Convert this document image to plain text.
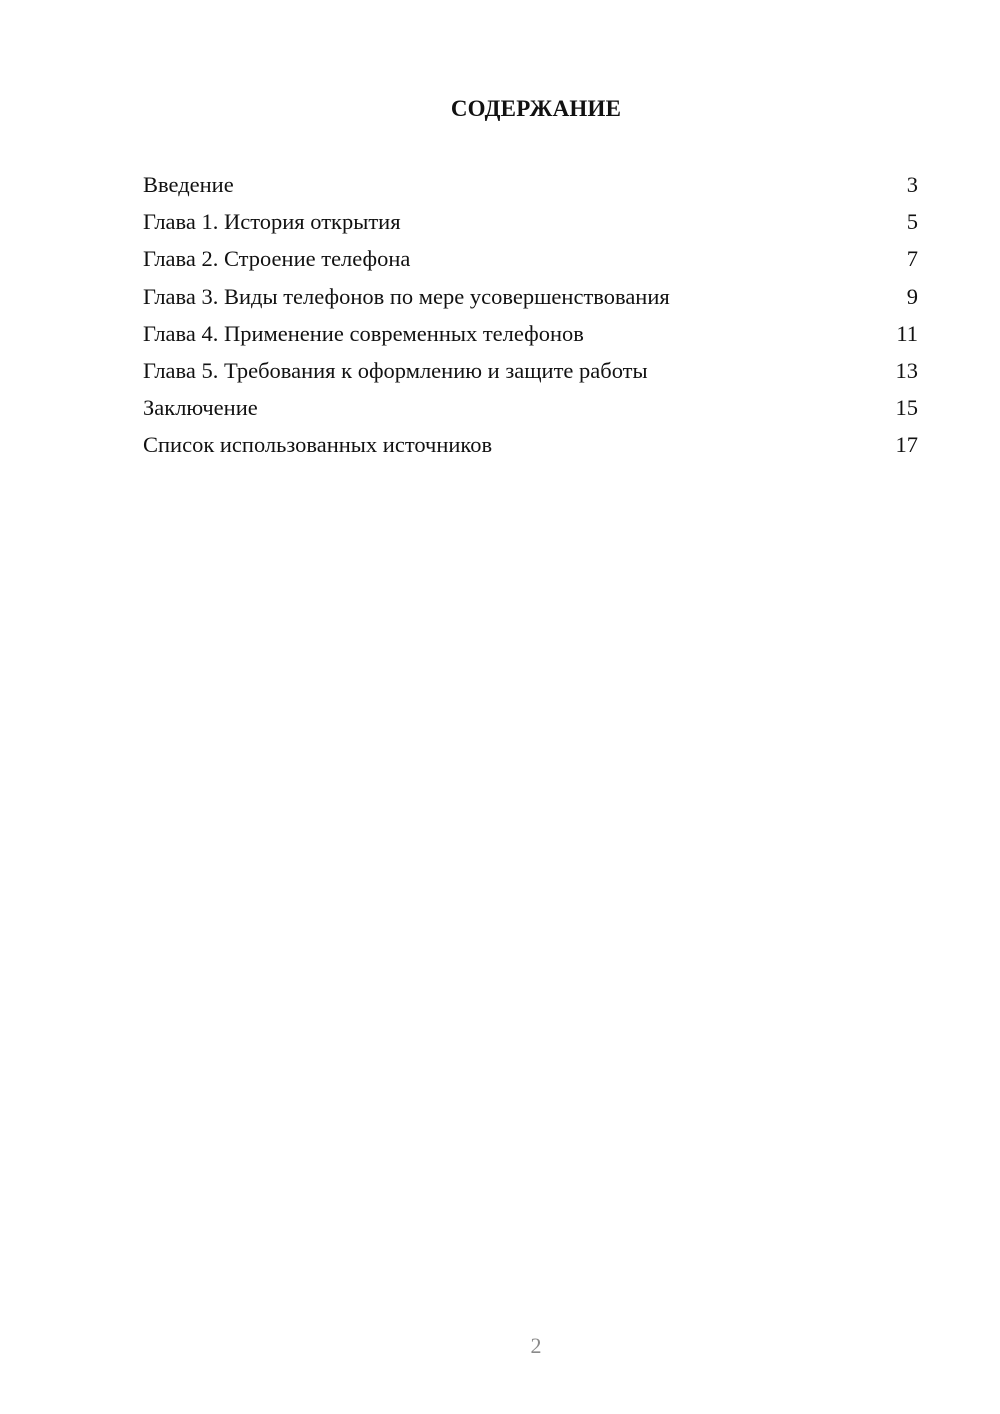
СОДЕРЖАНИЕ
Введение	3
Глава 1. История открытия	5
Глава 2. Строение телефона	7
Глава 3. Виды телефонов по мере усовершенствования	9
Глава 4. Применение современных телефонов	11
Глава 5. Требования к оформлению и защите работы	13
Заключение	15
Список использованных источников	17
2
